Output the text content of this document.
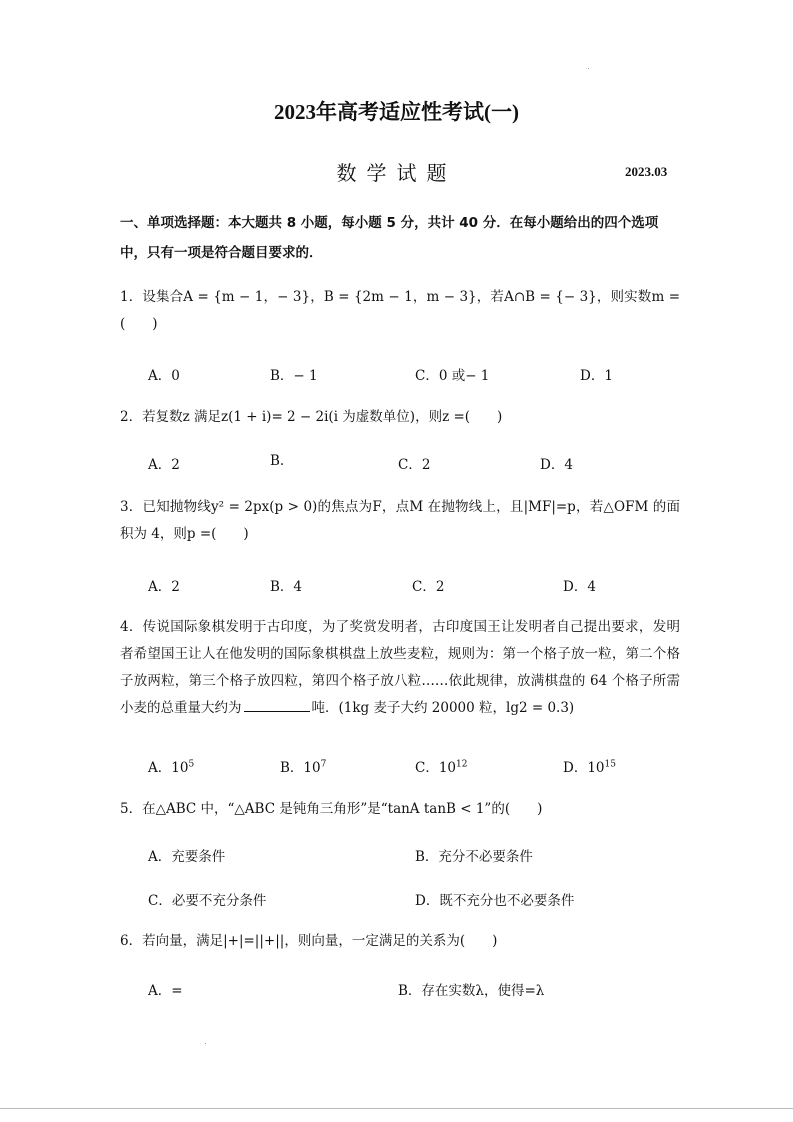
2023年高考适应性考试(一)
数学试题	2023.03
一、单项选择题：本大题共 8 小题，每小题 5 分，共计 40 分．在每小题给出的四个选项中，只有一项是符合题目要求的．
1．设集合A = {m − 1，− 3}，B = {2m − 1，m − 3}，若A∩B = {− 3}，则实数m =(　　)
A．0	B．− 1	C．0 或− 1	D．1
2．若复数z 满足z(1 + i)= 2 − 2i(i 为虚数单位)，则z =(　　)
A．2	B.	C．2	D．4
3．已知抛物线y² = 2px(p > 0)的焦点为F，点M 在抛物线上，且|MF|=p，若△OFM 的面积为 4，则p =(　　)
A．2	B．4	C．2	D．4
4．传说国际象棋发明于古印度，为了奖赏发明者，古印度国王让发明者自己提出要求，发明者希望国王让人在他发明的国际象棋棋盘上放些麦粒，规则为：第一个格子放一粒，第二个格子放两粒，第三个格子放四粒，第四个格子放八粒……依此规律，放满棋盘的 64 个格子所需小麦的总重量大约为	吨．(1kg 麦子大约 20000 粒，lg2 = 0.3)
A．$10^5$	B．$10^7$	C．$10^{12}$	D．$10^{15}$
5．在△ABC 中，“△ABC 是钝角三角形”是“tanA tanB < 1”的(　　)
A．充要条件	B．充分不必要条件
C．必要不充分条件	D．既不充分也不必要条件
6．若向量，满足|+|=||+||，则向量，一定满足的关系为(　　)
A．=	B．存在实数λ，使得=λ
